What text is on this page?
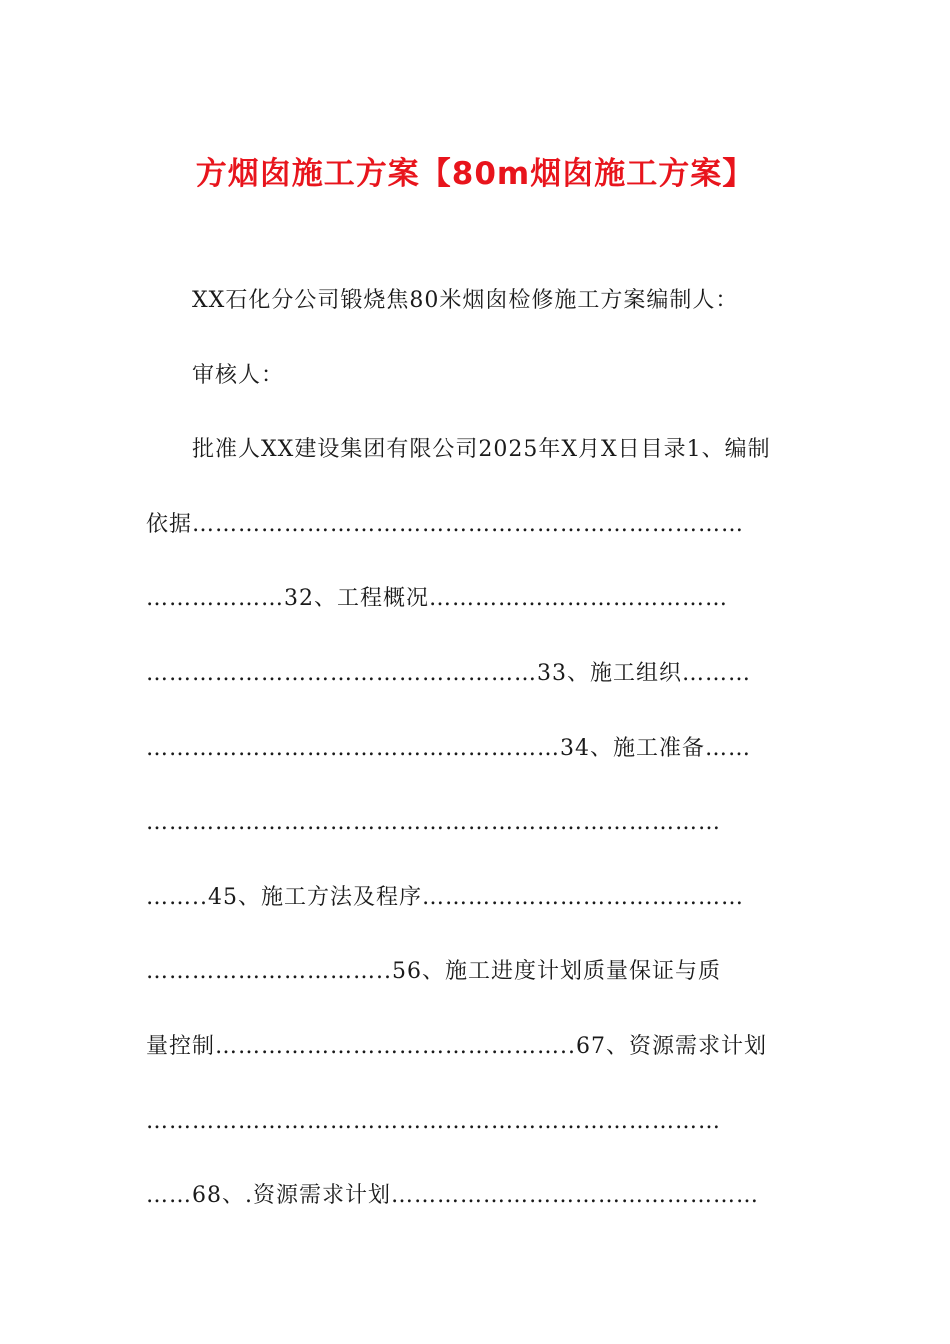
方烟囱施工方案【80m烟囱施工方案】
XX石化分公司锻烧焦80米烟囱检修施工方案编制人：
审核人：
批准人XX建设集团有限公司2025年X月X日目录1、编制
依据………………………………………………………………
………………32、工程概况…………………………………
……………………………………………33、施工组织………
………………………………………………34、施工准备……
…………………………………………………………………
……..45、施工方法及程序……………………………………
…………………………..56、施工进度计划质量保证与质
量控制………………………………………..67、资源需求计划
…………………………………………………………………
……68、.资源需求计划…………………………………………
